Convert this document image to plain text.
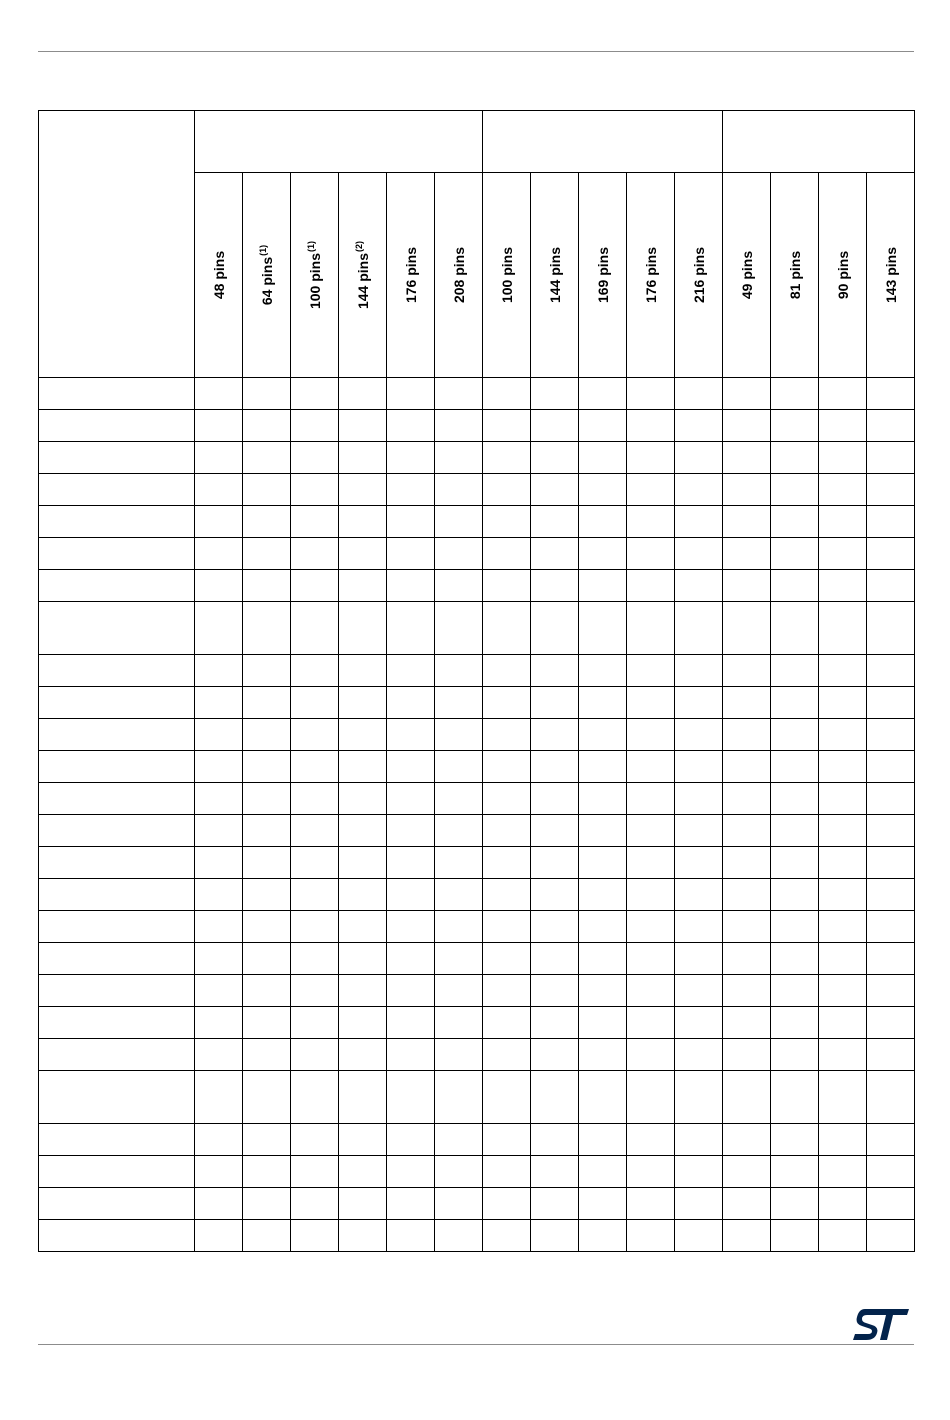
	48 pins	64 pins$^{(1)}$	100 pins$^{(1)}$	144 pins$^{(2)}$	176 pins	208 pins	100 pins	144 pins	169 pins	176 pins	216 pins	49 pins	81 pins	90 pins	143 pins
